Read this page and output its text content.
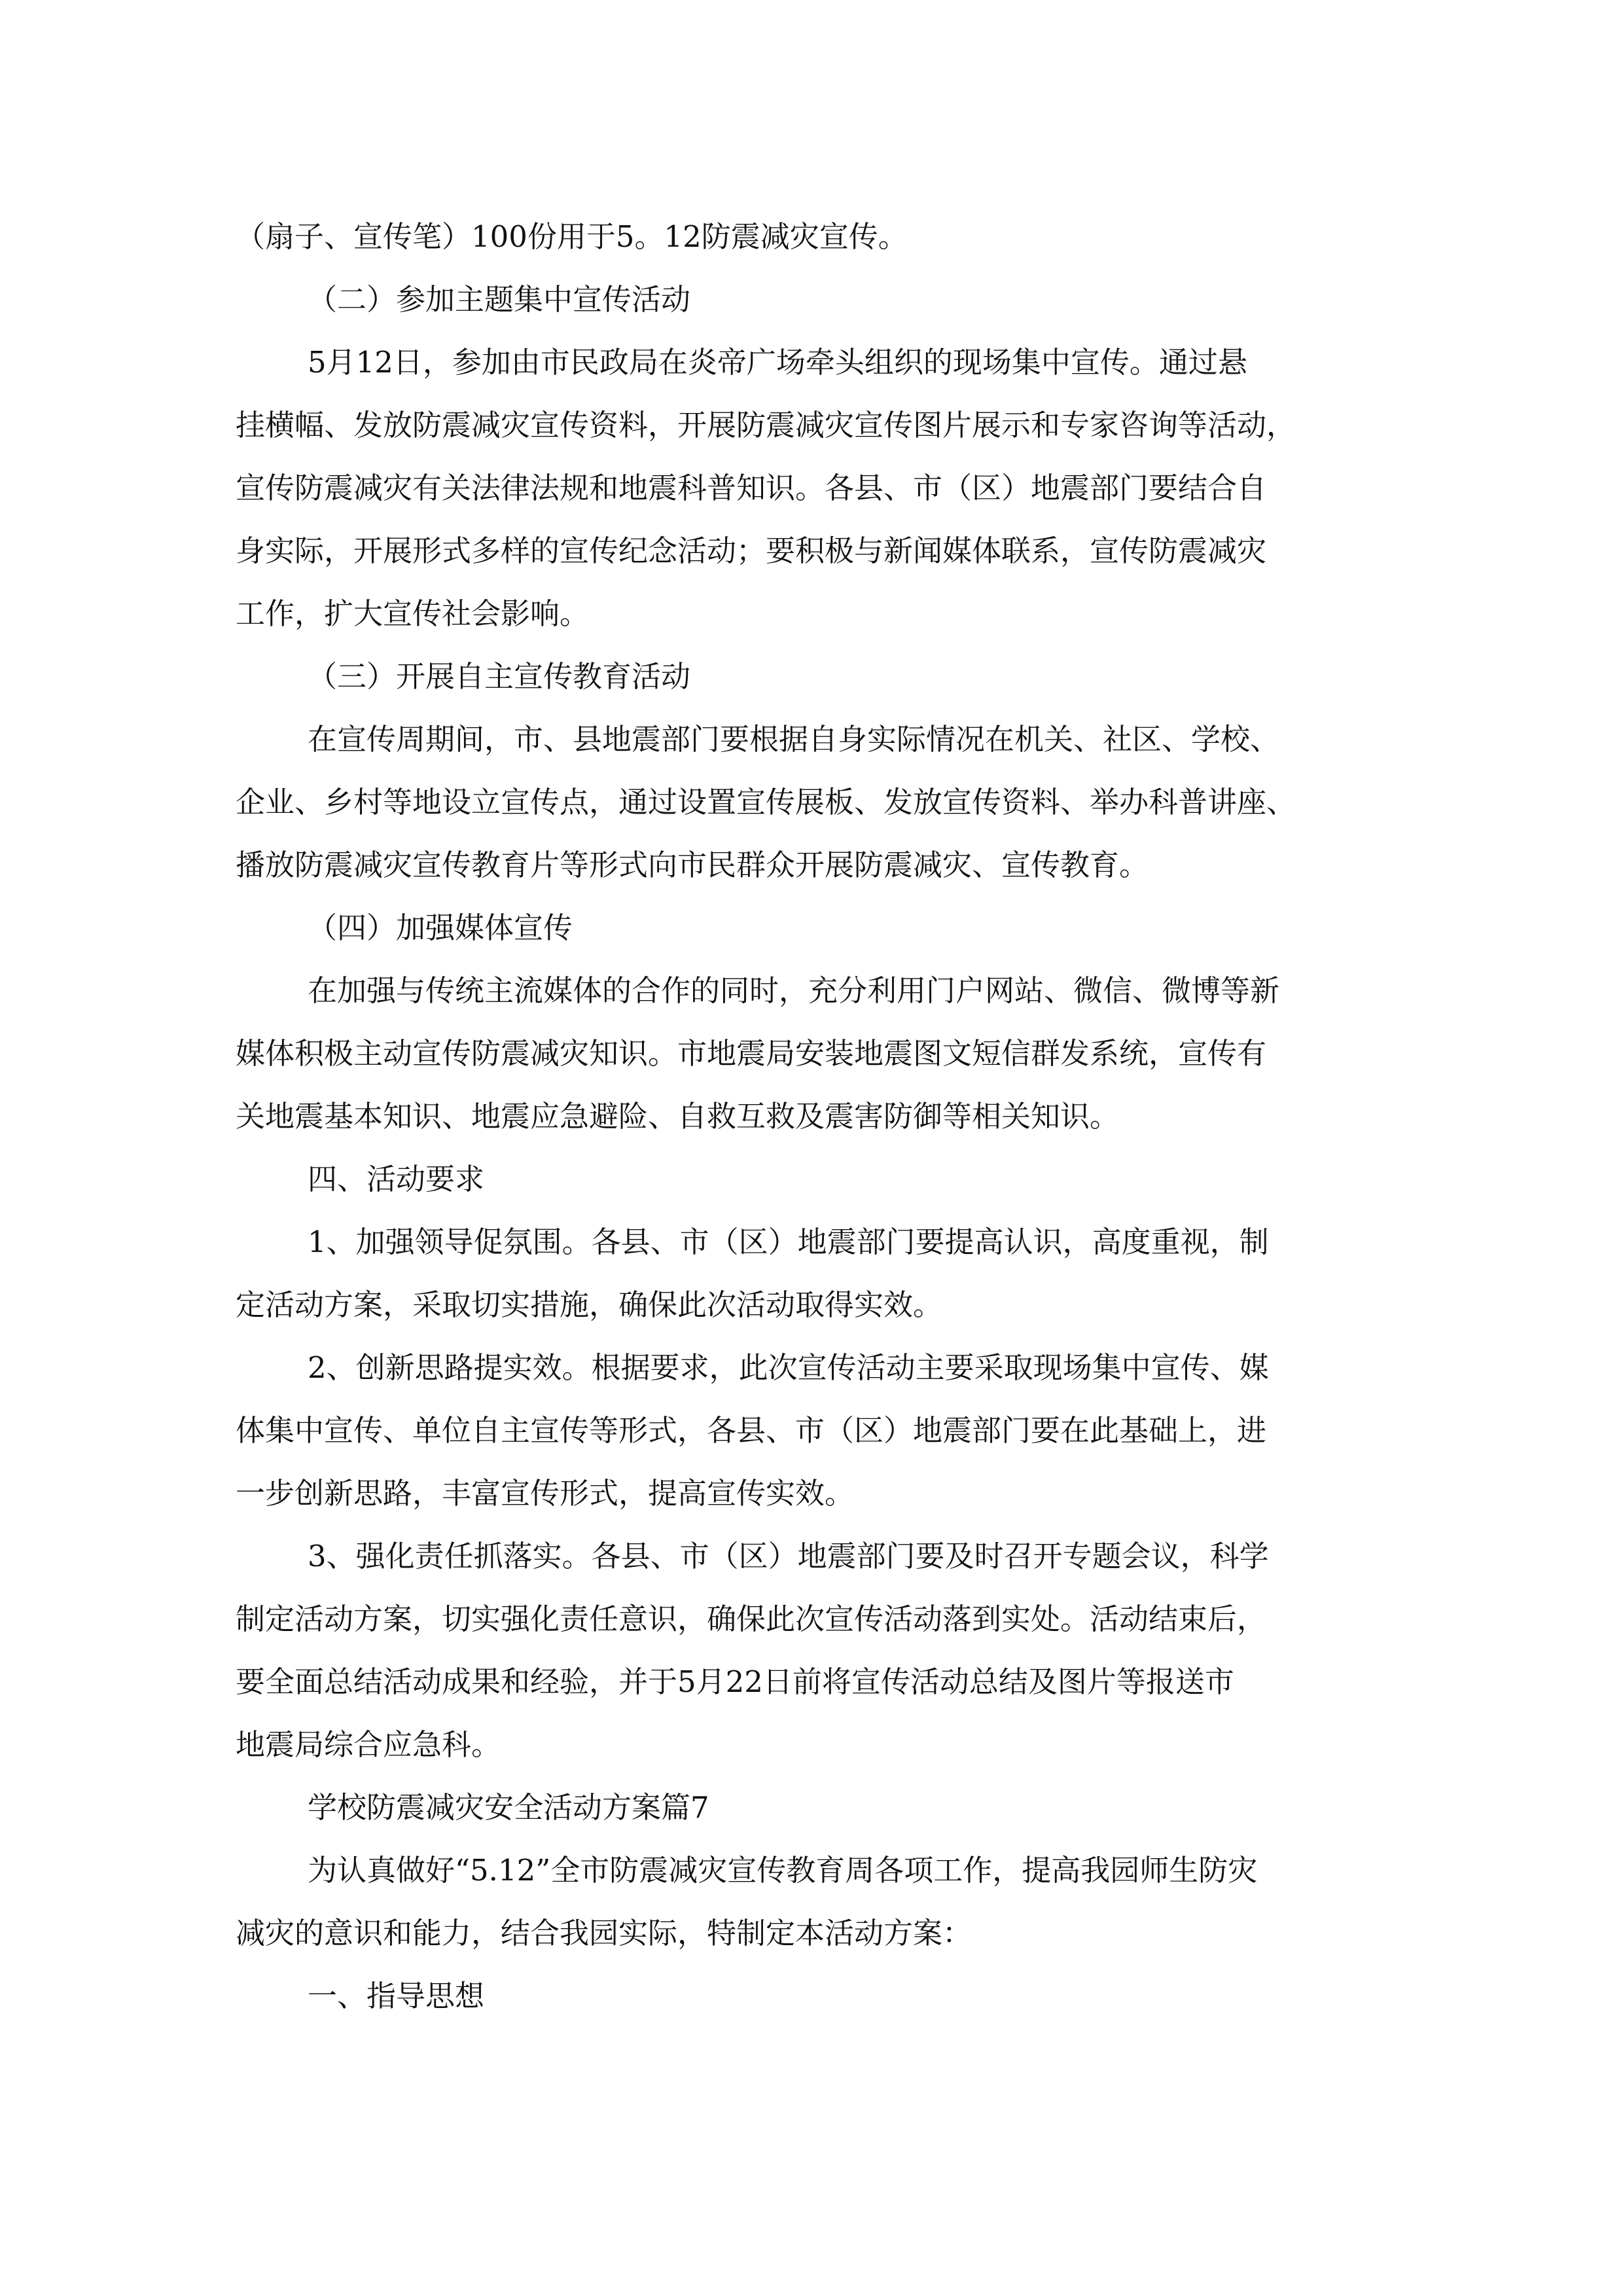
（扇子、宣传笔）100份用于5。12防震减灾宣传。

（二）参加主题集中宣传活动

5月12日，参加由市民政局在炎帝广场牵头组织的现场集中宣传。通过悬

挂横幅、发放防震减灾宣传资料，开展防震减灾宣传图片展示和专家咨询等活动，

宣传防震减灾有关法律法规和地震科普知识。各县、市（区）地震部门要结合自

身实际，开展形式多样的宣传纪念活动；要积极与新闻媒体联系，宣传防震减灾

工作，扩大宣传社会影响。

（三）开展自主宣传教育活动

在宣传周期间，市、县地震部门要根据自身实际情况在机关、社区、学校、

企业、乡村等地设立宣传点，通过设置宣传展板、发放宣传资料、举办科普讲座、

播放防震减灾宣传教育片等形式向市民群众开展防震减灾、宣传教育。

（四）加强媒体宣传

在加强与传统主流媒体的合作的同时，充分利用门户网站、微信、微博等新

媒体积极主动宣传防震减灾知识。市地震局安装地震图文短信群发系统，宣传有

关地震基本知识、地震应急避险、自救互救及震害防御等相关知识。

四、活动要求

1、加强领导促氛围。各县、市（区）地震部门要提高认识，高度重视，制

定活动方案，采取切实措施，确保此次活动取得实效。

2、创新思路提实效。根据要求，此次宣传活动主要采取现场集中宣传、媒

体集中宣传、单位自主宣传等形式，各县、市（区）地震部门要在此基础上，进

一步创新思路，丰富宣传形式，提高宣传实效。

3、强化责任抓落实。各县、市（区）地震部门要及时召开专题会议，科学

制定活动方案，切实强化责任意识，确保此次宣传活动落到实处。活动结束后，

要全面总结活动成果和经验，并于5月22日前将宣传活动总结及图片等报送市

地震局综合应急科。

学校防震减灾安全活动方案篇7

为认真做好“5.12”全市防震减灾宣传教育周各项工作，提高我园师生防灾

减灾的意识和能力，结合我园实际，特制定本活动方案：

一、指导思想
